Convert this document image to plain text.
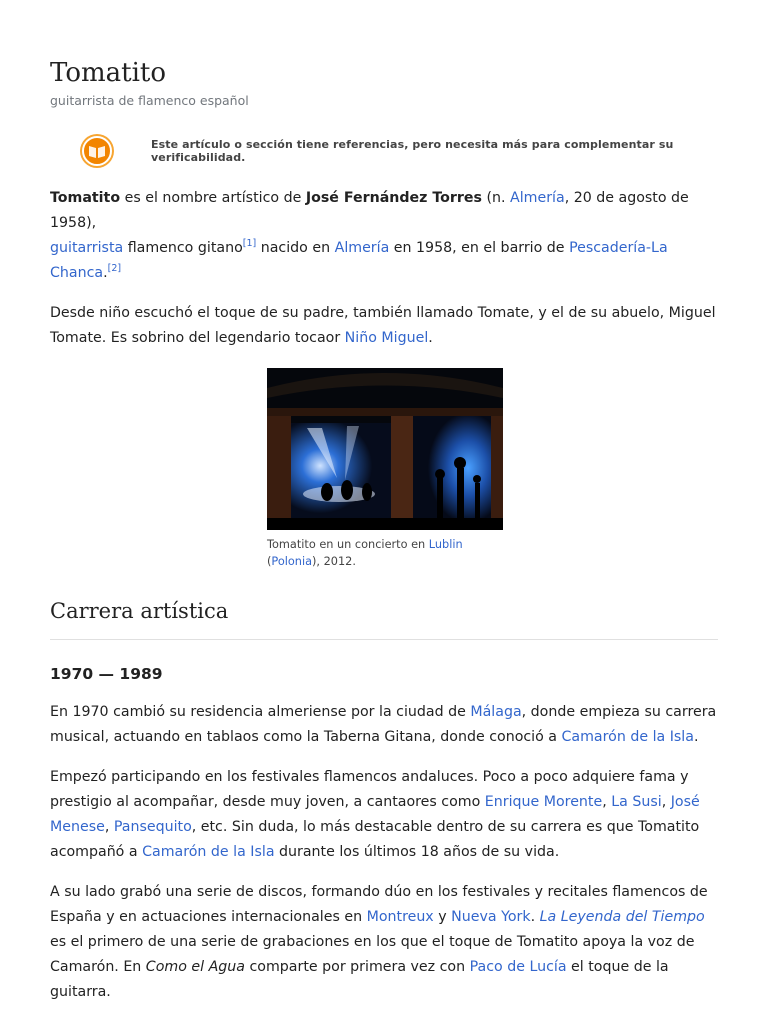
Tomatito
guitarrista de flamenco español
Este artículo o sección tiene referencias, pero necesita más para complementar su verificabilidad.

Tomatito es el nombre artístico de José Fernández Torres (n. Almería, 20 de agosto de 1958),
guitarrista flamenco gitano[1] nacido en Almería en 1958, en el barrio de Pescadería-La Chanca.[2]

Desde niño escuchó el toque de su padre, también llamado Tomate, y el de su abuelo, Miguel Tomate. Es sobrino del legendario tocaor Niño Miguel.

Tomatito en un concierto en Lublin
(Polonia), 2012.
Carrera artística
1970 — 1989

En 1970 cambió su residencia almeriense por la ciudad de Málaga, donde empieza su carrera musical, actuando en tablaos como la Taberna Gitana, donde conoció a Camarón de la Isla.

Empezó participando en los festivales flamencos andaluces. Poco a poco adquiere fama y prestigio al acompañar, desde muy joven, a cantaores como Enrique Morente, La Susi, José Menese, Pansequito, etc. Sin duda, lo más destacable dentro de su carrera es que Tomatito acompañó a Camarón de la Isla durante los últimos 18 años de su vida.

A su lado grabó una serie de discos, formando dúo en los festivales y recitales flamencos de España y en actuaciones internacionales en Montreux y Nueva York. La Leyenda del Tiempo es el primero de una serie de grabaciones en los que el toque de Tomatito apoya la voz de Camarón. En Como el Agua comparte por primera vez con Paco de Lucía el toque de la guitarra.
